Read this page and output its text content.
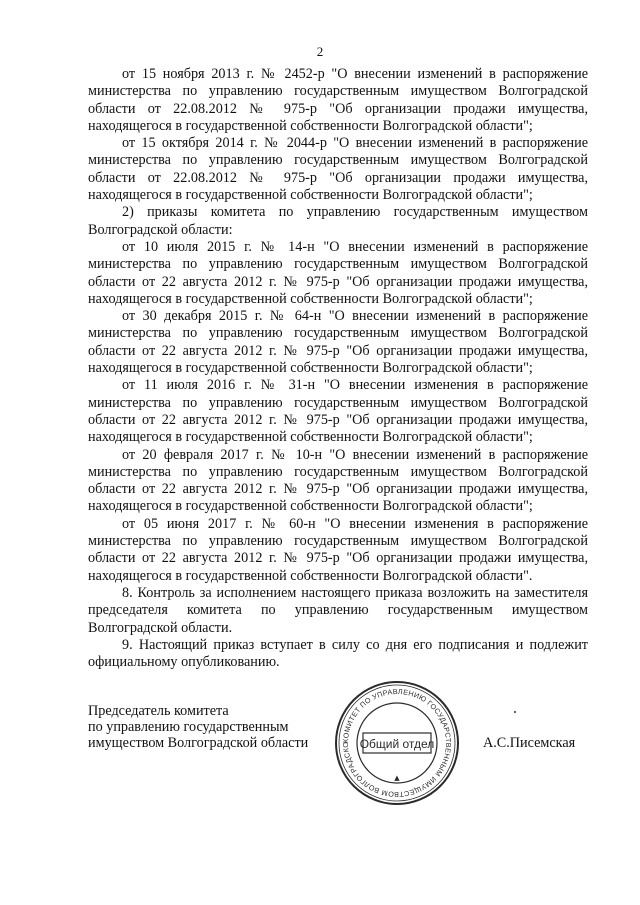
2

от 15 ноября 2013 г. № 2452-р "О внесении изменений в распоряжение министерства по управлению государственным имуществом Волгоградской области от 22.08.2012 № 975-р "Об организации продажи имущества, находящегося в государственной собственности Волгоградской области";

от 15 октября 2014 г. № 2044-р "О внесении изменений в распоряжение министерства по управлению государственным имуществом Волгоградской области от 22.08.2012 № 975-р "Об организации продажи имущества, находящегося в государственной собственности Волгоградской области";

2) приказы комитета по управлению государственным имуществом Волгоградской области:

от 10 июля 2015 г. № 14-н "О внесении изменений в распоряжение министерства по управлению государственным имуществом Волгоградской области от 22 августа 2012 г. № 975-р "Об организации продажи имущества, находящегося в государственной собственности Волгоградской области";

от 30 декабря 2015 г. № 64-н "О внесении изменений в распоряжение министерства по управлению государственным имуществом Волгоградской области от 22 августа 2012 г. № 975-р "Об организации продажи имущества, находящегося в государственной собственности Волгоградской области";

от 11 июля 2016 г. № 31-н "О внесении изменения в распоряжение министерства по управлению государственным имуществом Волгоградской области от 22 августа 2012 г. № 975-р "Об организации продажи имущества, находящегося в государственной собственности Волгоградской области";

от 20 февраля 2017 г. № 10-н "О внесении изменений в распоряжение министерства по управлению государственным имуществом Волгоградской области от 22 августа 2012 г. № 975-р "Об организации продажи имущества, находящегося в государственной собственности Волгоградской области";

от 05 июня 2017 г. № 60-н "О внесении изменения в распоряжение министерства по управлению государственным имуществом Волгоградской области от 22 августа 2012 г. № 975-р "Об организации продажи имущества, находящегося в государственной собственности Волгоградской области".

8. Контроль за исполнением настоящего приказа возложить на заместителя председателя комитета по управлению государственным имуществом Волгоградской области.

9. Настоящий приказ вступает в силу со дня его подписания и подлежит официальному опубликованию.

Председатель комитета
по управлению государственным
имуществом Волгоградской области	КОМИТЕТ ПО УПРАВЛЕНИЮ ГОСУДАРСТВЕННЫМ ИМУЩЕСТВОМ ВОЛГОГРАДСКО Общий отдел
▲
А.С.Писемская
